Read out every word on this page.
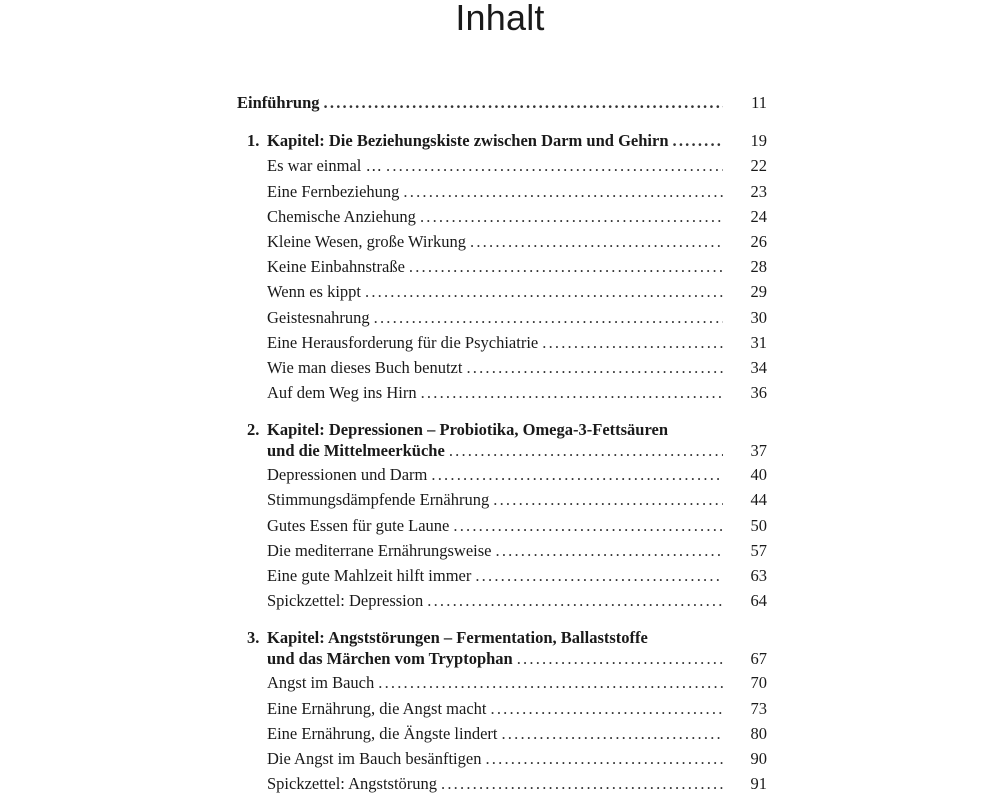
Inhalt
Einführung .....	11
1. Kapitel: Die Beziehungskiste zwischen Darm und Gehirn .....	19
Es war einmal … .....	22
Eine Fernbeziehung .....	23
Chemische Anziehung .....	24
Kleine Wesen, große Wirkung .....	26
Keine Einbahnstraße .....	28
Wenn es kippt .....	29
Geistesnahrung .....	30
Eine Herausforderung für die Psychiatrie .....	31
Wie man dieses Buch benutzt .....	34
Auf dem Weg ins Hirn .....	36
2. Kapitel: Depressionen – Probiotika, Omega-3-Fettsäuren
und die Mittelmeerküche .....	37
Depressionen und Darm .....	40
Stimmungsdämpfende Ernährung .....	44
Gutes Essen für gute Laune .....	50
Die mediterrane Ernährungsweise .....	57
Eine gute Mahlzeit hilft immer .....	63
Spickzettel: Depression .....	64
3. Kapitel: Angststörungen – Fermentation, Ballaststoffe
und das Märchen vom Tryptophan .....	67
Angst im Bauch .....	70
Eine Ernährung, die Angst macht .....	73
Eine Ernährung, die Ängste lindert .....	80
Die Angst im Bauch besänftigen .....	90
Spickzettel: Angststörung .....	91
